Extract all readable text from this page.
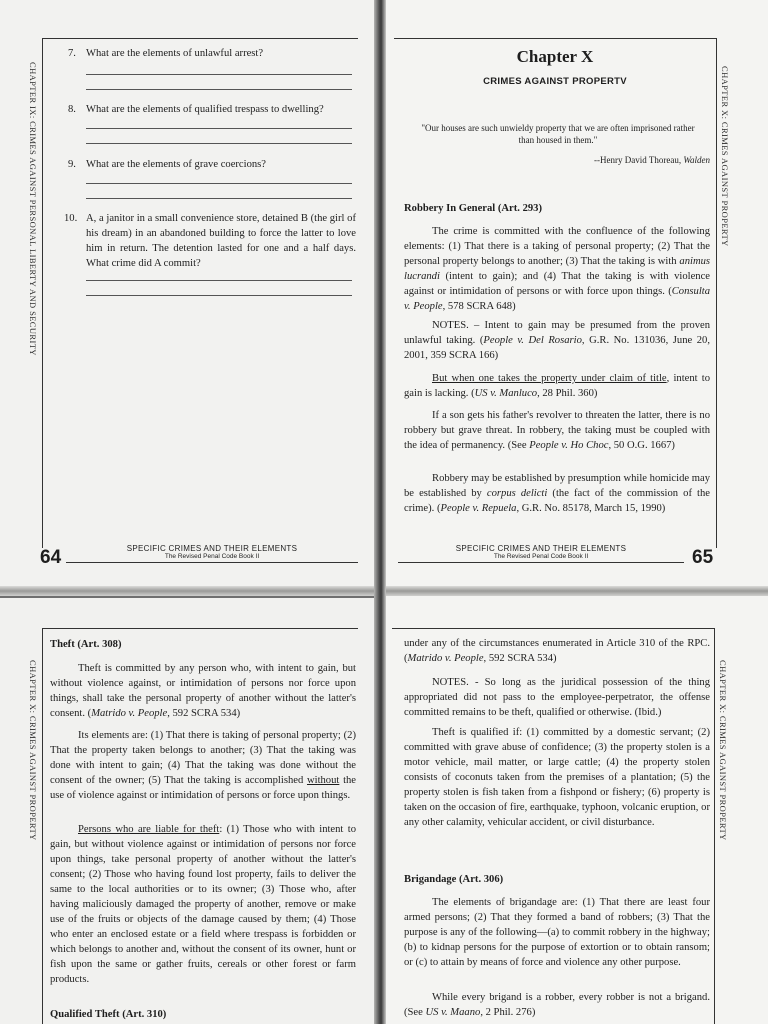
CHAPTER IX: CRIMES AGAINST PERSONAL LIBERTY AND SECURITY
7. What are the elements of unlawful arrest?
8. What are the elements of qualified trespass to dwelling?
9. What are the elements of grave coercions?
10. A, a janitor in a small convenience store, detained B (the girl of his dream) in an abandoned building to force the latter to love him in return. The detention lasted for one and a half days. What crime did A commit?
64	SPECIFIC CRIMES AND THEIR ELEMENTS
The Revised Penal Code Book II
CHAPTER X: CRIMES AGAINST PROPERTY
Chapter X
CRIMES AGAINST PROPERTV
"Our houses are such unwieldy property that we are often imprisoned rather than housed in them."
--Henry David Thoreau, Walden
Robbery In General (Art. 293)
The crime is committed with the confluence of the following elements: (1) That there is a taking of personal property; (2) That the personal property belongs to another; (3) That the taking is with animus lucrandi (intent to gain); and (4) That the taking is with violence against or intimidation of persons or with force upon things. (Consulta v. People, 578 SCRA 648)
NOTES. – Intent to gain may be presumed from the proven unlawful taking. (People v. Del Rosario, G.R. No. 131036, June 20, 2001, 359 SCRA 166)
But when one takes the property under claim of title, intent to gain is lacking. (US v. Manluco, 28 Phil. 360)
If a son gets his father's revolver to threaten the latter, there is no robbery but grave threat. In robbery, the taking must be coupled with the idea of permanency. (See People v. Ho Choc, 50 O.G. 1667)
Robbery may be established by presumption while homicide may be established by corpus delicti (the fact of the commission of the crime). (People v. Repuela, G.R. No. 85178, March 15, 1990)
SPECIFIC CRIMES AND THEIR ELEMENTS
The Revised Penal Code Book II	65
CHAPTER X: CRIMES AGAINST PROPERTY
Theft (Art. 308)
Theft is committed by any person who, with intent to gain, but without violence against, or intimidation of persons nor force upon things, shall take the personal property of another without the latter's consent. (Matrido v. People, 592 SCRA 534)
Its elements are: (1) That there is taking of personal property; (2) That the property taken belongs to another; (3) That the taking was done with intent to gain; (4) That the taking was done without the consent of the owner; (5) That the taking is accomplished without the use of violence against or intimidation of persons or force upon things.
Persons who are liable for theft: (1) Those who with intent to gain, but without violence against or intimidation of persons nor force upon things, take personal property of another without the latter's consent; (2) Those who having found lost property, fails to deliver the same to the local authorities or to its owner; (3) Those who, after having maliciously damaged the property of another, remove or make use of the fruits or objects of the damage caused by them; (4) Those who enter an enclosed estate or a field where trespass is forbidden or which belongs to another and, without the consent of its owner, hunt or fish upon the same or gather fruits, cereals or other forest or farm products.
Qualified Theft (Art. 310)
CHAPTER X: CRIMES AGAINST PROPERTY
under any of the circumstances enumerated in Article 310 of the RPC. (Matrido v. People, 592 SCRA 534)
NOTES. - So long as the juridical possession of the thing appropriated did not pass to the employee-perpetrator, the offense committed remains to be theft, qualified or otherwise. (Ibid.)
Theft is qualified if: (1) committed by a domestic servant; (2) committed with grave abuse of confidence; (3) the property stolen is a motor vehicle, mail matter, or large cattle; (4) the property stolen consists of coconuts taken from the premises of a plantation; (5) the property stolen is fish taken from a fishpond or fishery; (6) property is taken on the occasion of fire, earthquake, typhoon, volcanic eruption, or any other calamity, vehicular accident, or civil disturbance.
Brigandage (Art. 306)
The elements of brigandage are: (1) That there are least four armed persons; (2) That they formed a band of robbers; (3) That the purpose is any of the following—(a) to commit robbery in the highway; (b) to kidnap persons for the purpose of extortion or to obtain ransom; or (c) to attain by means of force and violence any other purpose.
While every brigand is a robber, every robber is not a brigand. (See US v. Maano, 2 Phil. 276)
